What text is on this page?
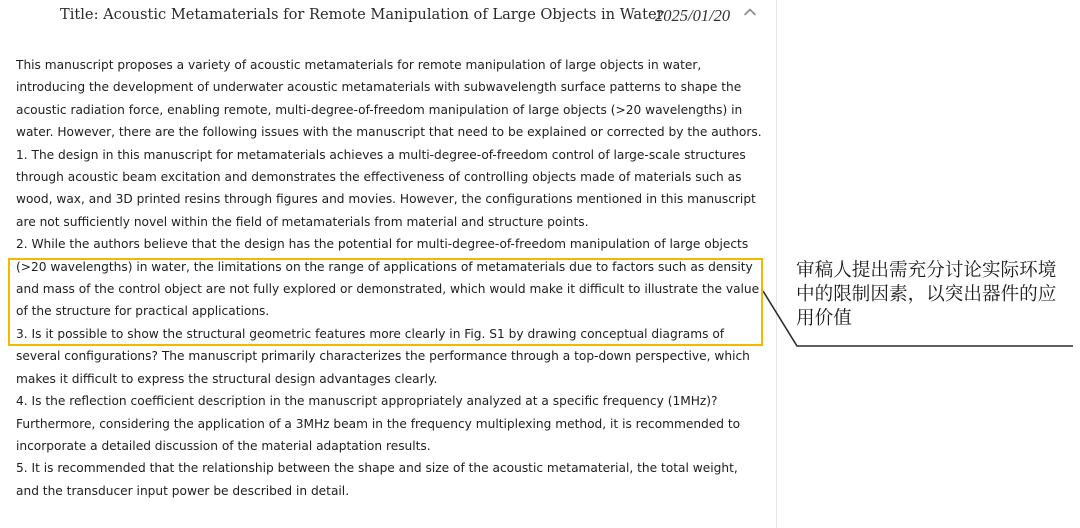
Title: Acoustic Metamaterials for Remote Manipulation of Large Objects in Water
2025/01/20

This manuscript proposes a variety of acoustic metamaterials for remote manipulation of large objects in water, introducing the development of underwater acoustic metamaterials with subwavelength surface patterns to shape the acoustic radiation force, enabling remote, multi-degree-of-freedom manipulation of large objects (>20 wavelengths) in water. However, there are the following issues with the manuscript that need to be explained or corrected by the authors.

1. The design in this manuscript for metamaterials achieves a multi-degree-of-freedom control of large-scale structures through acoustic beam excitation and demonstrates the effectiveness of controlling objects made of materials such as wood, wax, and 3D printed resins through figures and movies. However, the configurations mentioned in this manuscript are not sufficiently novel within the field of metamaterials from material and structure points.

2. While the authors believe that the design has the potential for multi-degree-of-freedom manipulation of large objects (>20 wavelengths) in water, the limitations on the range of applications of metamaterials due to factors such as density and mass of the control object are not fully explored or demonstrated, which would make it difficult to illustrate the value of the structure for practical applications.

3. Is it possible to show the structural geometric features more clearly in Fig. S1 by drawing conceptual diagrams of several configurations? The manuscript primarily characterizes the performance through a top-down perspective, which makes it difficult to express the structural design advantages clearly.

4. Is the reflection coefficient description in the manuscript appropriately analyzed at a specific frequency (1MHz)? Furthermore, considering the application of a 3MHz beam in the frequency multiplexing method, it is recommended to incorporate a detailed discussion of the material adaptation results.

5. It is recommended that the relationship between the shape and size of the acoustic metamaterial, the total weight, and the transducer input power be described in detail.

审稿人提出需充分讨论实际环境中的限制因素，以突出器件的应用价值
